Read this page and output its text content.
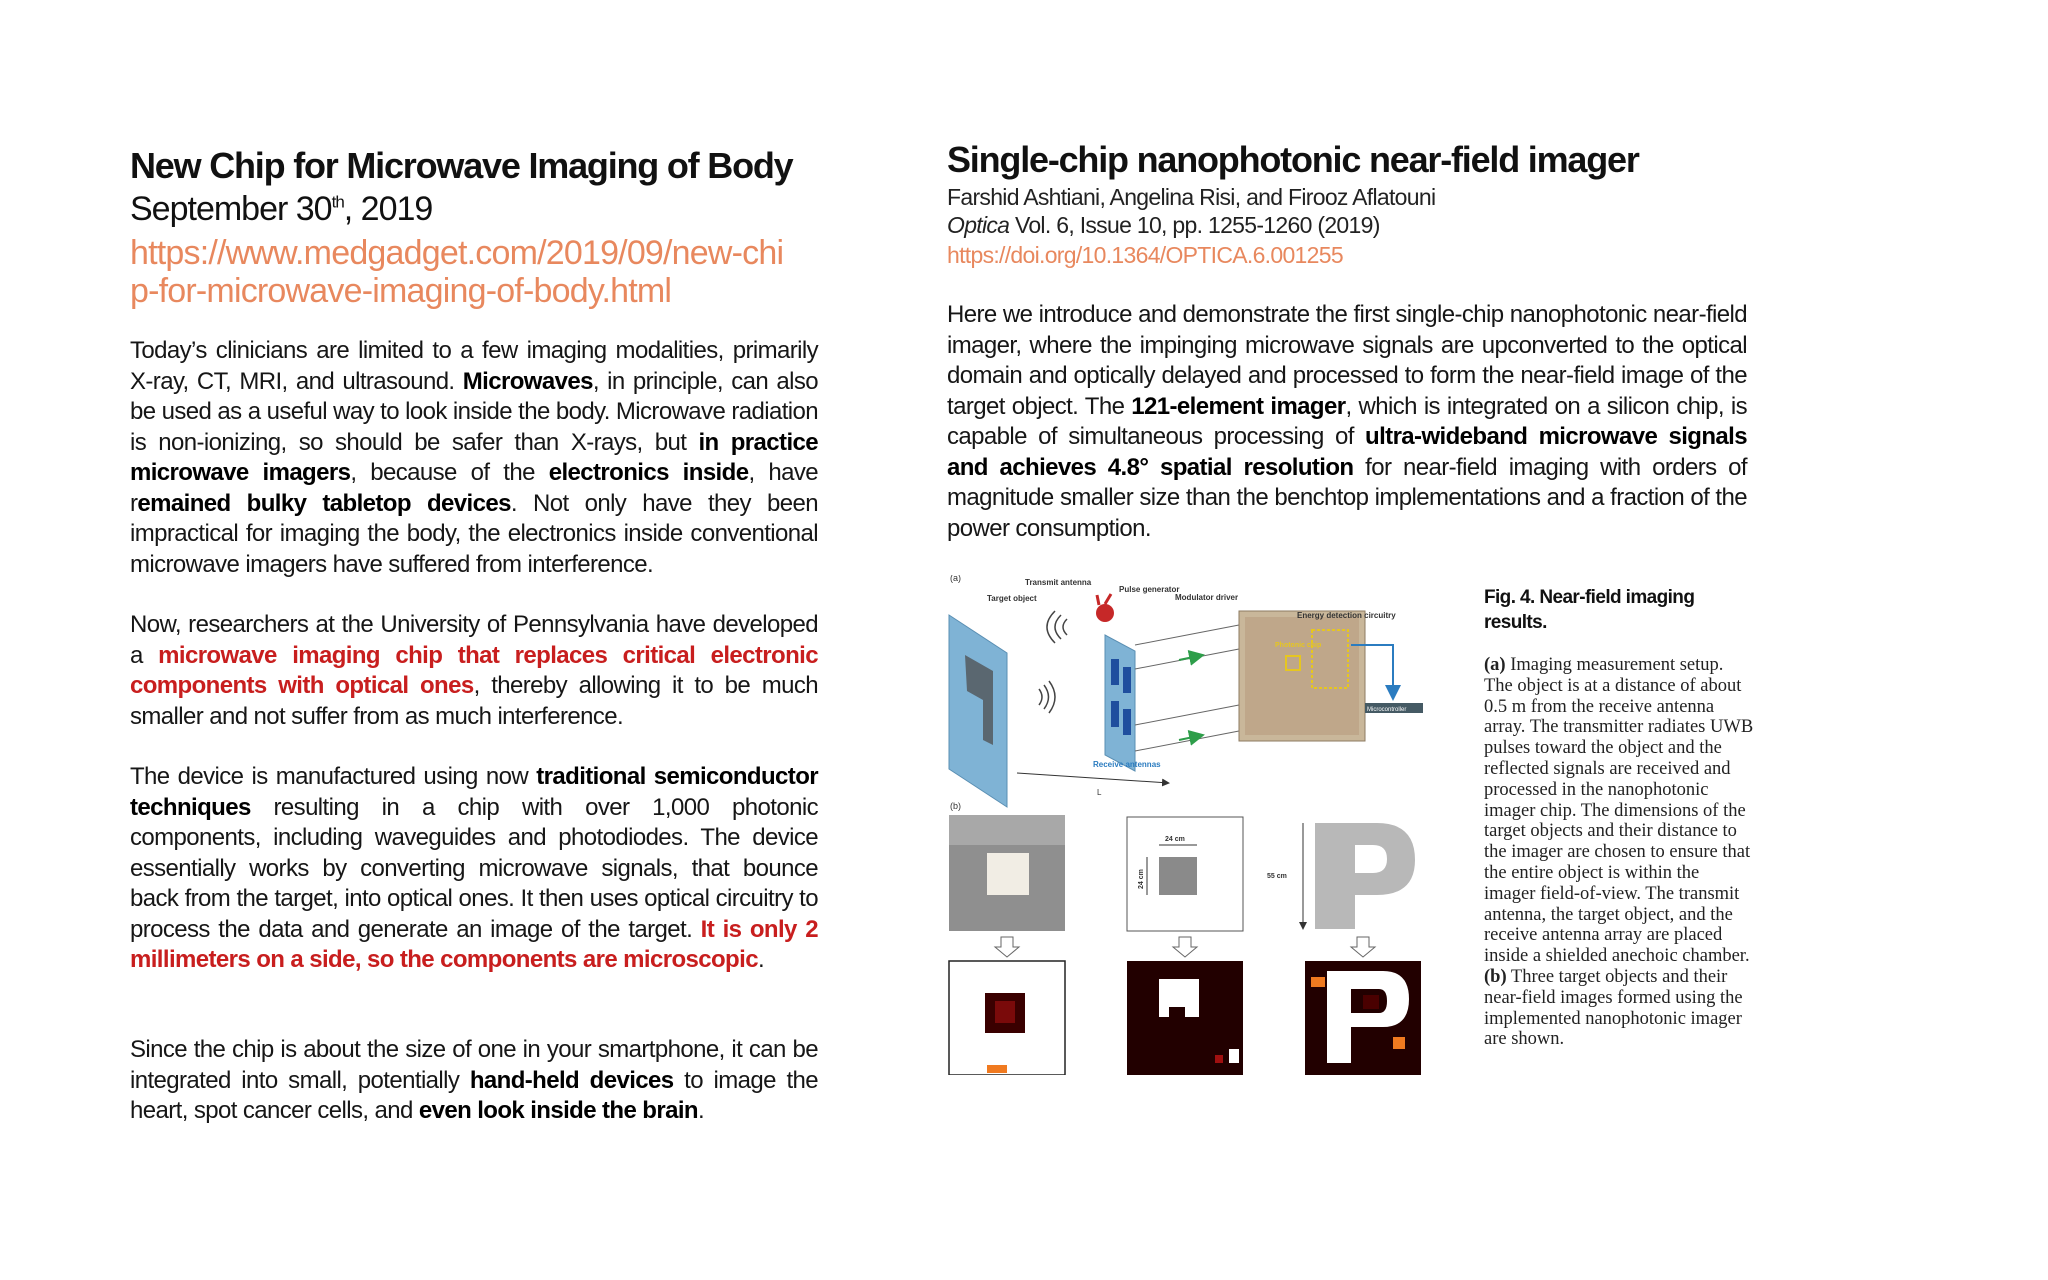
New Chip for Microwave Imaging of Body
September 30th, 2019
https://www.medgadget.com/2019/09/new-chi
p-for-microwave-imaging-of-body.html

Today’s clinicians are limited to a few imaging modalities, primarily X-ray, CT, MRI, and ultrasound. Microwaves, in principle, can also be used as a useful way to look inside the body. Microwave radiation is non-ionizing, so should be safer than X-rays, but in practice microwave imagers, because of the electronics inside, have remained bulky tabletop devices. Not only have they been impractical for imaging the body, the electronics inside conventional microwave imagers have suffered from interference.

Now, researchers at the University of Pennsylvania have developed a microwave imaging chip that replaces critical electronic components with optical ones, thereby allowing it to be much smaller and not suffer from as much interference.

The device is manufactured using now traditional semiconductor techniques resulting in a chip with over 1,000 photonic components, including waveguides and photodiodes. The device essentially works by converting microwave signals, that bounce back from the target, into optical ones. It then uses optical circuitry to process the data and generate an image of the target. It is only 2 millimeters on a side, so the components are microscopic.

Since the chip is about the size of one in your smartphone, it can be integrated into small, potentially hand-held devices to image the heart, spot cancer cells, and even look inside the brain.

Single-chip nanophotonic near-field imager
Farshid Ashtiani, Angelina Risi, and Firooz Aflatouni
Optica Vol. 6, Issue 10, pp. 1255-1260 (2019)
https://doi.org/10.1364/OPTICA.6.001255

Here we introduce and demonstrate the first single-chip nanophotonic near-field imager, where the impinging microwave signals are upconverted to the optical domain and optically delayed and processed to form the near-field image of the target object. The 121-element imager, which is integrated on a silicon chip, is capable of simultaneous processing of ultra-wideband microwave signals and achieves 4.8° spatial resolution for near-field imaging with orders of magnitude smaller size than the benchtop implementations and a fraction of the power consumption.

(a)
Target object
Transmit antenna
Pulse generator
Modulator driver
Receive antennas
Energy detection circuitry
Photonic chip
Microcontroller
L
(b)
24 cm
24 cm	55 cm
Fig. 4. Near-field imaging results.
(a) Imaging measurement setup. The object is at a distance of about 0.5 m from the receive antenna array. The transmitter radiates UWB pulses toward the object and the reflected signals are received and processed in the nanophotonic imager chip. The dimensions of the target objects and their distance to the imager are chosen to ensure that the entire object is within the imager field-of-view. The transmit antenna, the target object, and the receive antenna array are placed inside a shielded anechoic chamber.
(b) Three target objects and their near-field images formed using the implemented nanophotonic imager are shown.
